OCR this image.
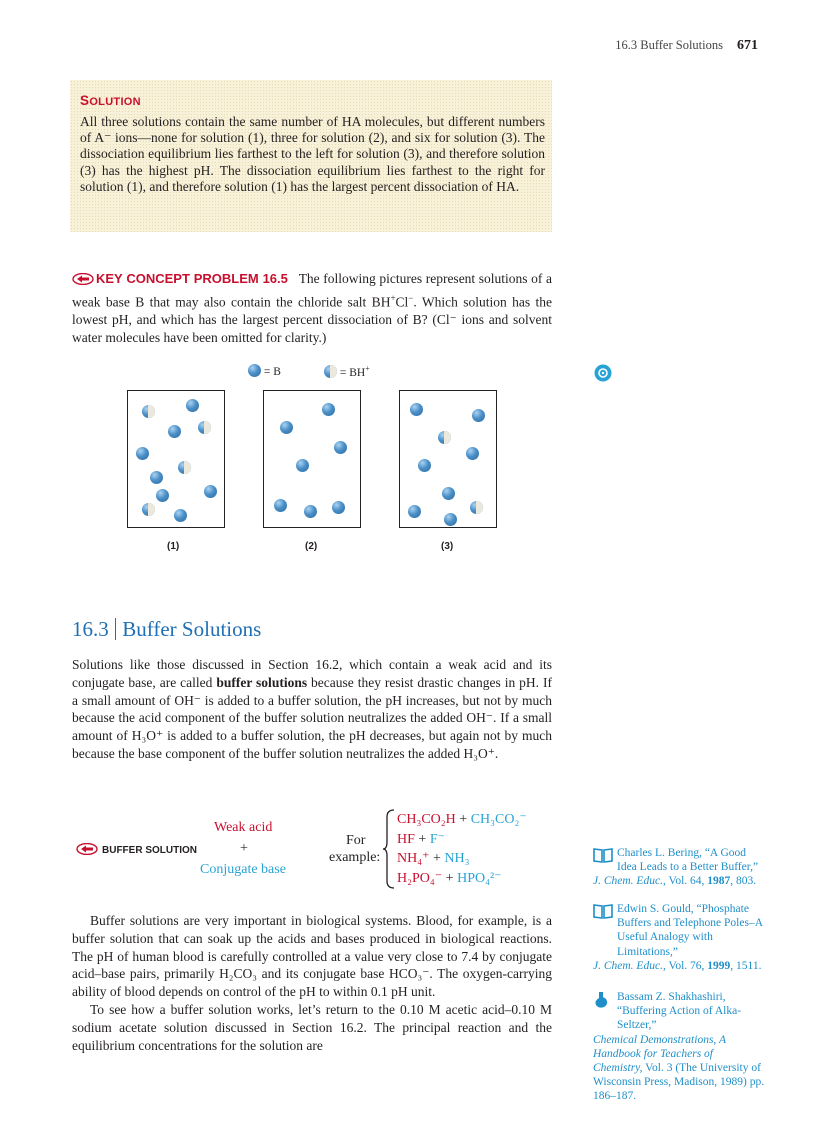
16.3 Buffer Solutions 671
SOLUTION
All three solutions contain the same number of HA molecules, but different numbers of A⁻ ions—none for solution (1), three for solution (2), and six for solution (3). The dissociation equilibrium lies farthest to the left for solution (3), and therefore solution (3) has the highest pH. The dissociation equilibrium lies farthest to the right for solution (1), and therefore solution (1) has the largest percent dissociation of HA.
KEY CONCEPT PROBLEM 16.5 The following pictures represent solutions of a weak base B that may also contain the chloride salt BH+Cl−. Which solution has the lowest pH, and which has the largest percent dissociation of B? (Cl⁻ ions and solvent water molecules have been omitted for clarity.)
= B	= BH+
(1)	(2)	(3)
16.3 Buffer Solutions
Solutions like those discussed in Section 16.2, which contain a weak acid and its conjugate base, are called buffer solutions because they resist drastic changes in pH. If a small amount of OH⁻ is added to a buffer solution, the pH increases, but not by much because the acid component of the buffer solution neutralizes the added OH⁻. If a small amount of H₃O⁺ is added to a buffer solution, the pH decreases, but again not by much because the base component of the buffer solution neutralizes the added H₃O⁺.
BUFFER SOLUTION
Weak acid
+
Conjugate base
For
example:
CH₃CO₂H + CH₃CO₂⁻
HF + F⁻
NH₄⁺ + NH₃
H₂PO₄⁻ + HPO₄²⁻

Buffer solutions are very important in biological systems. Blood, for example, is a buffer solution that can soak up the acids and bases produced in biological reactions. The pH of human blood is carefully controlled at a value very close to 7.4 by conjugate acid–base pairs, primarily H₂CO₃ and its conjugate base HCO₃⁻. The oxygen-carrying ability of blood depends on control of the pH to within 0.1 pH unit.

To see how a buffer solution works, let’s return to the 0.10 M acetic acid–0.10 M sodium acetate solution discussed in Section 16.2. The principal reaction and the equilibrium concentrations for the solution are

Charles L. Bering, “A Good Idea Leads to a Better Buffer,”
J. Chem. Educ., Vol. 64, 1987, 803.
Edwin S. Gould, “Phosphate Buffers and Telephone Poles–A Useful Analogy with Limitations,”
J. Chem. Educ., Vol. 76, 1999, 1511.
Bassam Z. Shakhashiri, “Buffering Action of Alka-Seltzer,”
Chemical Demonstrations, A Handbook for Teachers of Chemistry, Vol. 3 (The University of Wisconsin Press, Madison, 1989) pp. 186–187.
